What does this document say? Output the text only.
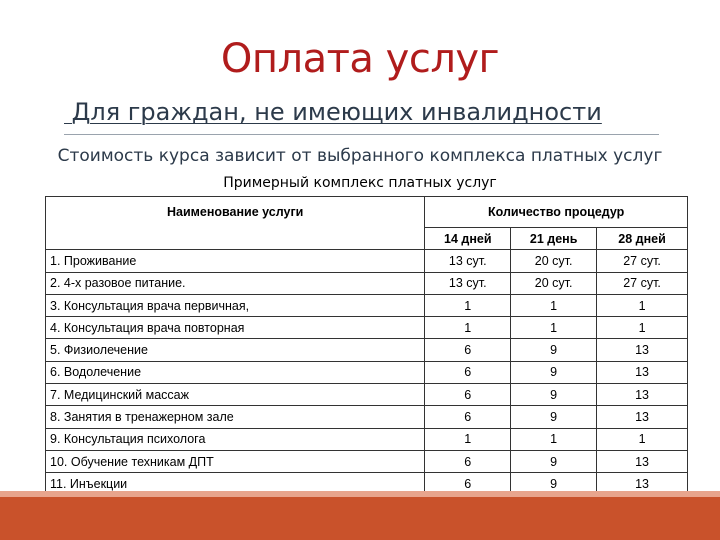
Оплата услуг
Для граждан, не имеющих инвалидности
Стоимость курса зависит от выбранного комплекса платных услуг
Примерный комплекс платных услуг
Наименование услуги	Количество процедур		
	14 дней	21 день	28 дней
1. Проживание	13 сут.	20 сут.	27 сут.
2. 4-х разовое питание.	13 сут.	20 сут.	27 сут.
3. Консультация врача первичная,	1	1	1
4. Консультация врача повторная	1	1	1
5. Физиолечение	6	9	13
6. Водолечение	6	9	13
7. Медицинский массаж	6	9	13
8. Занятия в тренажерном зале	6	9	13
9. Консультация психолога	1	1	1
10. Обучение техникам ДПТ	6	9	13
11. Инъекции	6	9	13
